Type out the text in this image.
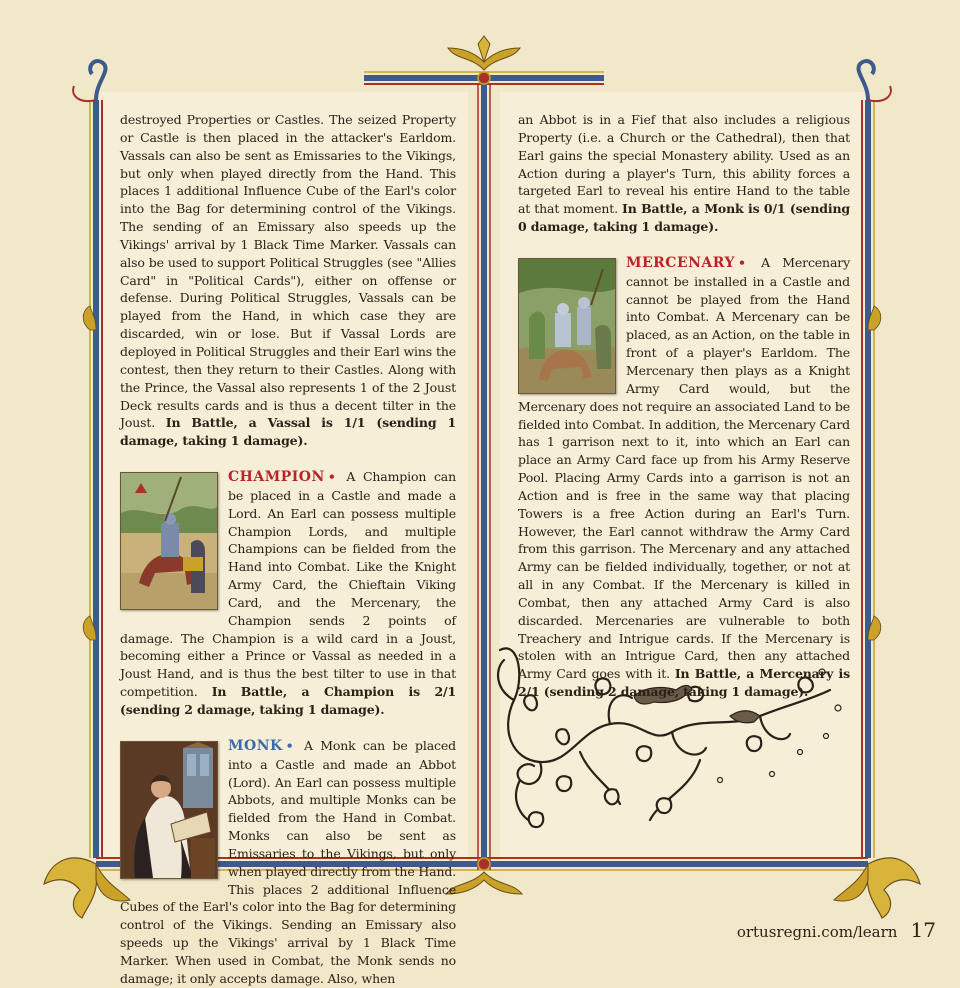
destroyed Properties or Castles. The seized Property or Castle is then placed in the attacker's Earldom. Vassals can also be sent as Emissaries to the Vikings, but only when played directly from the Hand. This places 1 additional Influence Cube of the Earl's color into the Bag for determining control of the Vikings. The sending of an Emissary also speeds up the Vikings' arrival by 1 Black Time Marker. Vassals can also be used to support Political Struggles (see "Allies Card" in "Political Cards"), either on offense or defense. During Political Struggles, Vassals can be played from the Hand, in which case they are discarded, win or lose. But if Vassal Lords are deployed in Political Struggles and their Earl wins the contest, then they return to their Castles. Along with the Prince, the Vassal also represents 1 of the 2 Joust Deck results cards and is thus a decent tilter in the Joust. In Battle, a Vassal is 1/1 (sending 1 damage, taking 1 damage).

CHAMPION • A Champion can be placed in a Castle and made a Lord. An Earl can possess multiple Champion Lords, and multiple Champions can be fielded from the Hand into Combat. Like the Knight Army Card, the Chieftain Viking Card, and the Mercenary, the Champion sends 2 points of damage. The Champion is a wild card in a Joust, becoming either a Prince or Vassal as needed in a Joust Hand, and is thus the best tilter to use in that competition. In Battle, a Champion is 2/1 (sending 2 damage, taking 1 damage).

MONK • A Monk can be placed into a Castle and made an Abbot (Lord). An Earl can possess multiple Abbots, and multiple Monks can be fielded from the Hand in Combat. Monks can also be sent as Emissaries to the Vikings, but only when played directly from the Hand. This places 2 additional Influence Cubes of the Earl's color into the Bag for determining control of the Vikings. Sending an Emissary also speeds up the Vikings' arrival by 1 Black Time Marker. When used in Combat, the Monk sends no damage; it only accepts damage. Also, when

an Abbot is in a Fief that also includes a religious Property (i.e. a Church or the Cathedral), then that Earl gains the special Monastery ability. Used as an Action during a player's Turn, this ability forces a targeted Earl to reveal his entire Hand to the table at that moment. In Battle, a Monk is 0/1 (sending 0 damage, taking 1 damage).

MERCENARY • A Mercenary cannot be installed in a Castle and cannot be played from the Hand into Combat. A Mercenary can be placed, as an Action, on the table in front of a player's Earldom. The Mercenary then plays as a Knight Army Card would, but the Mercenary does not require an associated Land to be fielded into Combat. In addition, the Mercenary Card has 1 garrison next to it, into which an Earl can place an Army Card face up from his Army Reserve Pool. Placing Army Cards into a garrison is not an Action and is free in the same way that placing Towers is a free Action during an Earl's Turn. However, the Earl cannot withdraw the Army Card from this garrison. The Mercenary and any attached Army can be fielded individually, together, or not at all in any Combat. If the Mercenary is killed in Combat, then any attached Army Card is also discarded. Mercenaries are vulnerable to both Treachery and Intrigue cards. If the Mercenary is stolen with an Intrigue Card, then any attached Army Card goes with it. In Battle, a Mercenary is 2/1 (sending 2 damage, taking 1 damage).

ortusregni.com/learn 17
